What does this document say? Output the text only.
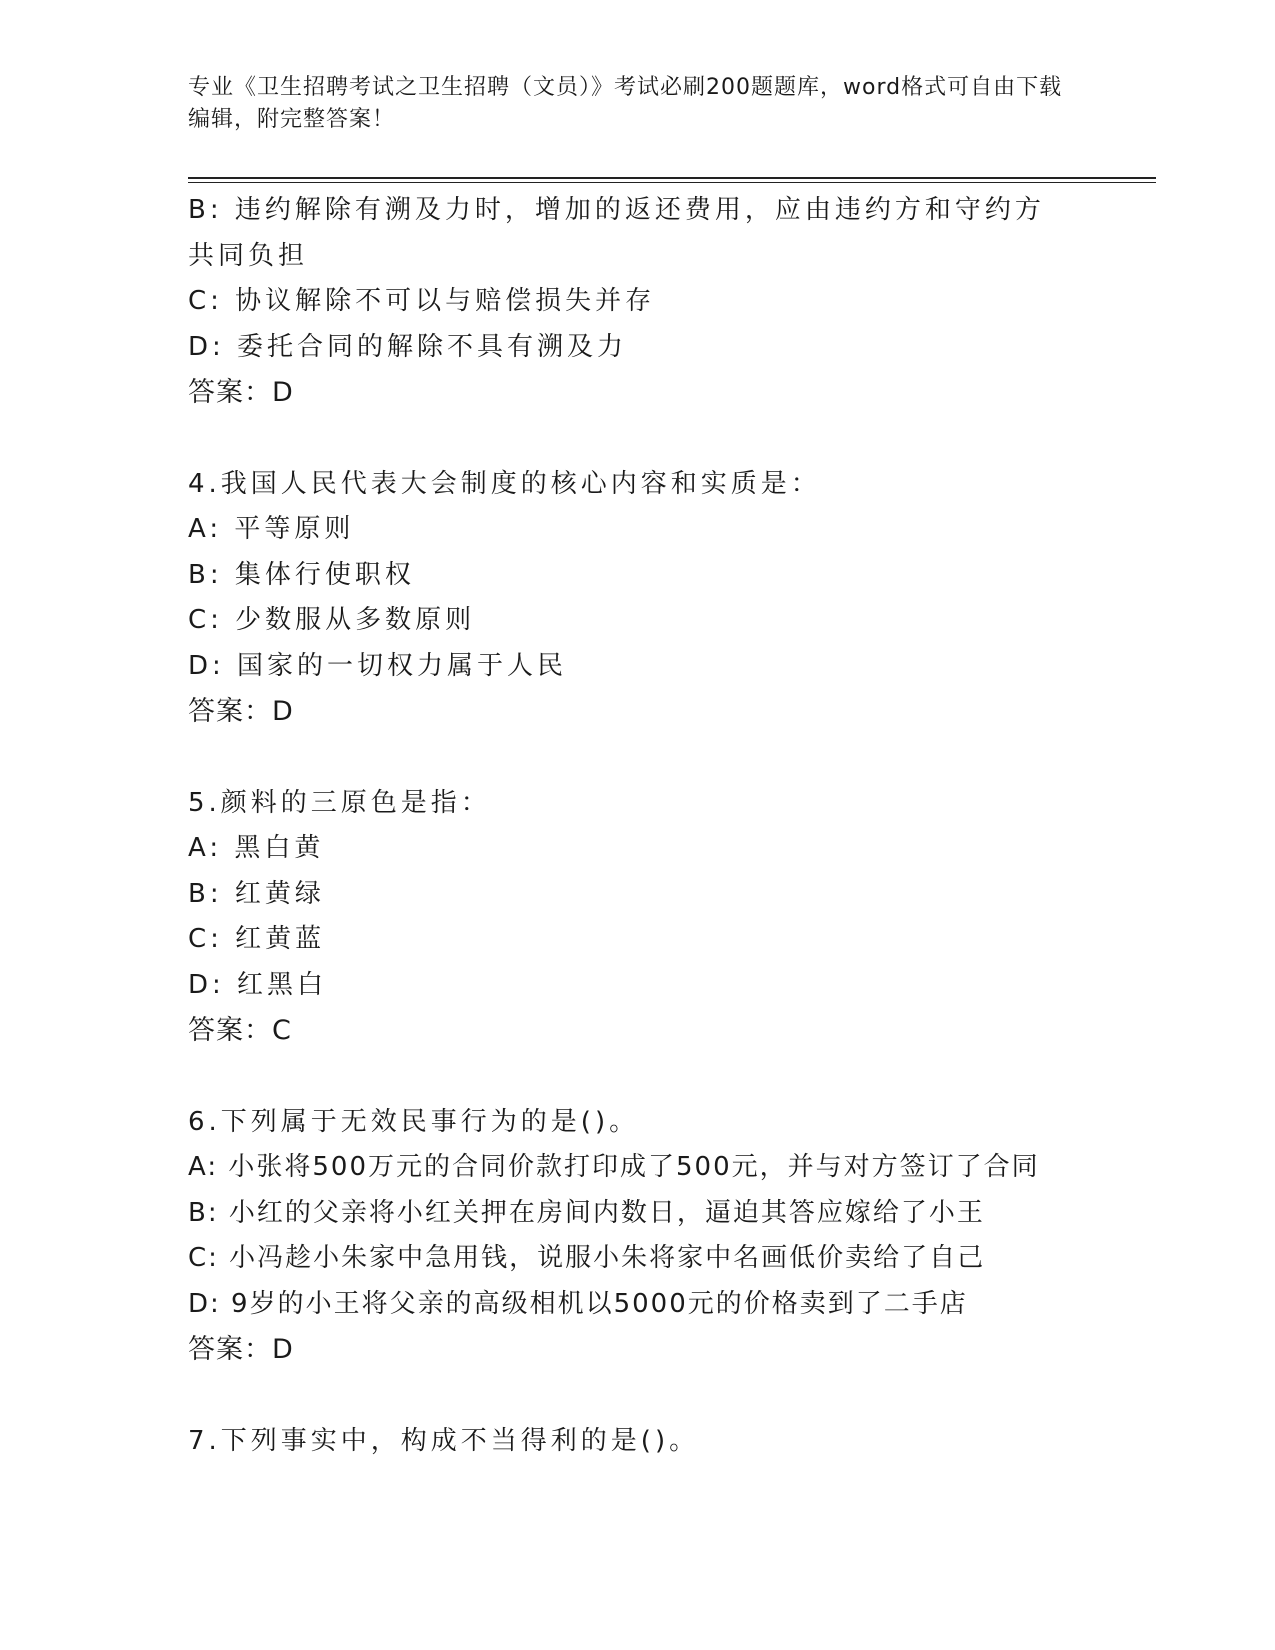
专业《卫生招聘考试之卫生招聘（文员）》考试必刷200题题库，word格式可自由下载编辑，附完整答案！
B: 违约解除有溯及力时，增加的返还费用，应由违约方和守约方共同负担
C: 协议解除不可以与赔偿损失并存
D: 委托合同的解除不具有溯及力
答案：D
4.我国人民代表大会制度的核心内容和实质是：
A: 平等原则
B: 集体行使职权
C: 少数服从多数原则
D: 国家的一切权力属于人民
答案：D
5.颜料的三原色是指：
A: 黑白黄
B: 红黄绿
C: 红黄蓝
D: 红黑白
答案：C
6.下列属于无效民事行为的是()。
A: 小张将500万元的合同价款打印成了500元，并与对方签订了合同
B: 小红的父亲将小红关押在房间内数日，逼迫其答应嫁给了小王
C: 小冯趁小朱家中急用钱，说服小朱将家中名画低价卖给了自己
D: 9岁的小王将父亲的高级相机以5000元的价格卖到了二手店
答案：D
7.下列事实中，构成不当得利的是()。
